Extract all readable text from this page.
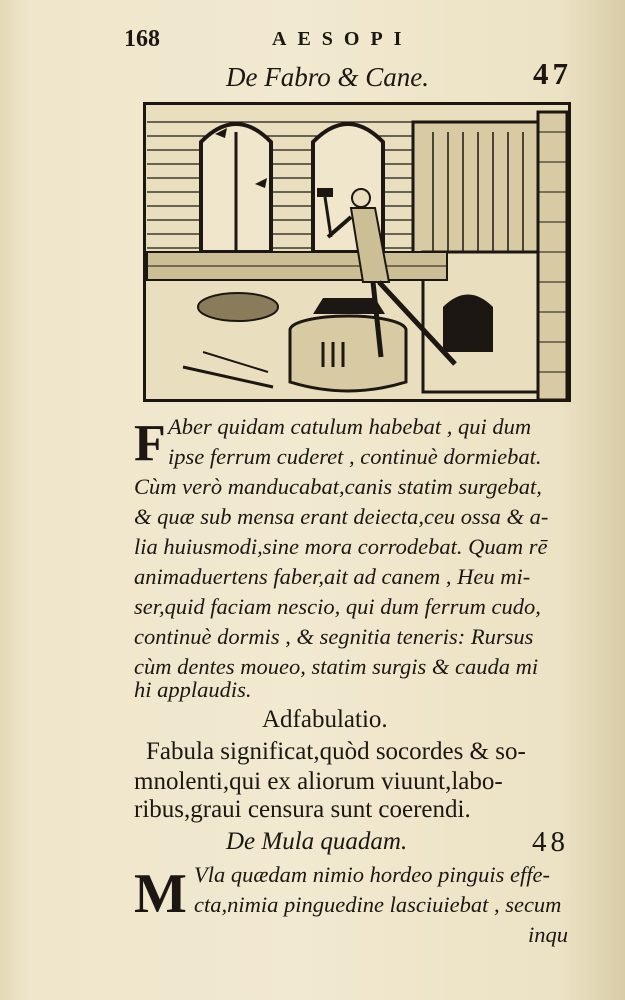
168	AESOPI
De Fabro & Cane.	47
F Aber quidam catulum habebat , qui dum
ipse ferrum cuderet , continuè dormiebat.
Cùm verò manducabat,canis statim surgebat,
& quæ sub mensa erant deiecta,ceu ossa & a-
lia huiusmodi,sine mora corrodebat. Quam rē
animaduertens faber,ait ad canem , Heu mi-
ser,quid faciam nescio, qui dum ferrum cudo,
continuè dormis , & segnitia teneris: Rursus
cùm dentes moueo, statim surgis & cauda mi
hi applaudis.
Adfabulatio.
Fabula significat,quòd socordes & so-
mnolenti,qui ex aliorum viuunt,labo-
ribus,graui censura sunt coerendi.
De Mula quadam.	48
M Vla quædam nimio hordeo pinguis effe-
cta,nimia pinguedine lasciuiebat , secum
inqu
